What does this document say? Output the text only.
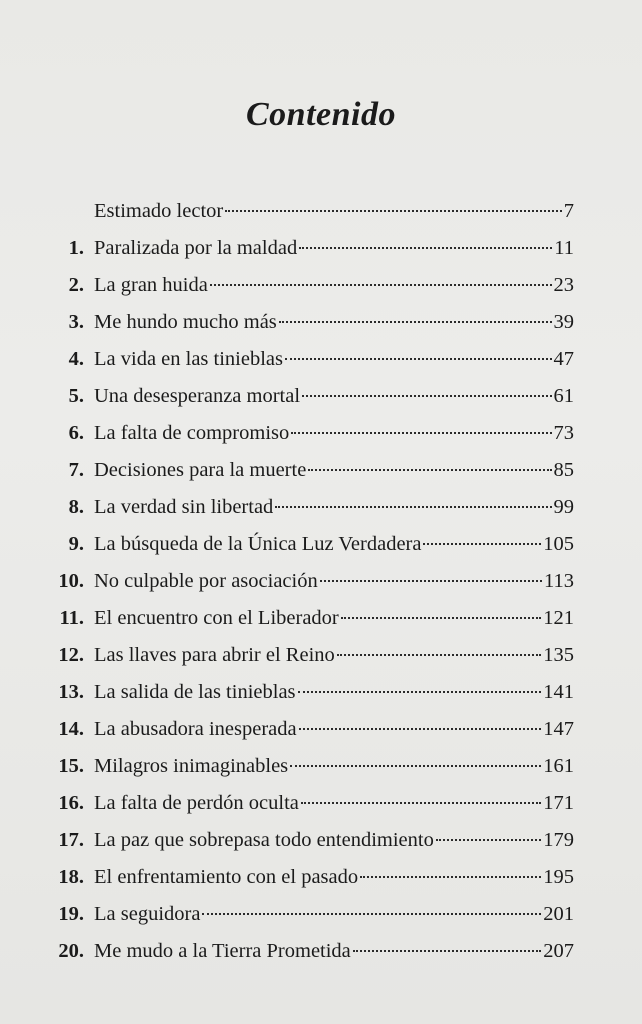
Contenido
Estimado lector	7
1. Paralizada por la maldad	11
2. La gran huida	23
3. Me hundo mucho más	39
4. La vida en las tinieblas	47
5. Una desesperanza mortal	61
6. La falta de compromiso	73
7. Decisiones para la muerte	85
8. La verdad sin libertad	99
9. La búsqueda de la Única Luz Verdadera	105
10. No culpable por asociación	113
11. El encuentro con el Liberador	121
12. Las llaves para abrir el Reino	135
13. La salida de las tinieblas	141
14. La abusadora inesperada	147
15. Milagros inimaginables	161
16. La falta de perdón oculta	171
17. La paz que sobrepasa todo entendimiento	179
18. El enfrentamiento con el pasado	195
19. La seguidora	201
20. Me mudo a la Tierra Prometida	207
